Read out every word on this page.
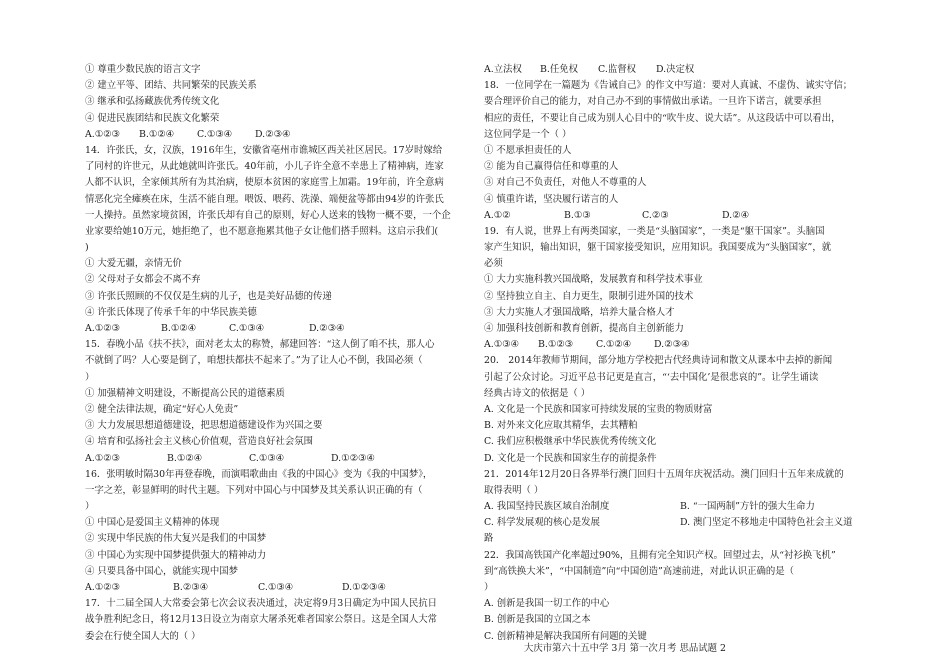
① 尊重少数民族的语言文字
② 建立平等、团结、共同繁荣的民族关系
③ 继承和弘扬藏族优秀传统文化
④ 促进民族团结和民族文化繁荣
A.①②③	B.①②④	C.①③④	D.②③④
14．许张氏，女，汉族，1916年生，安徽省亳州市谯城区西关社区居民。17岁时嫁给
了同村的许世元，从此她就叫许张氏。40年前，小儿子许全意不幸患上了精神病，连家
人都不认识，全家倾其所有为其治病，使原本贫困的家庭雪上加霜。19年前，许全意病
情恶化完全瘫痪在床，生活不能自理。喂饭、喂药、洗澡、端便盆等都由94岁的许张氏
一人操持。虽然家境贫困，许张氏却有自己的原则，好心人送来的钱物一概不要，一个企
业家要给她10万元，她拒绝了，也不愿意拖累其他子女让他们搭手照料。这启示我们(
)
① 大爱无疆，亲情无价
② 父母对子女都会不离不弃
③ 许张氏照顾的不仅仅是生病的儿子，也是美好品德的传递
④ 许张氏体现了传承千年的中华民族美德
A.①②③	B.①②④	C.①③④	D.②③④
15．春晚小品《扶不扶》，面对老太太的称赞，郝建回答：“这人倒了咱不扶，那人心
不就倒了吗？人心要是倒了，咱想扶都扶不起来了。”为了让人心不倒，我国必须（
）
① 加强精神文明建设，不断提高公民的道德素质
② 健全法律法规，确定“好心人免责”
③ 大力发展思想道德建设，把思想道德建设作为兴国之要
④ 培育和弘扬社会主义核心价值观，营造良好社会氛围
A.①②③	B.①②④	C.①③④	D.①②③④
16．张明敏时隔30年再登春晚，而演唱歌曲由《我的中国心》变为《我的中国梦》，
一字之差，彰显鲜明的时代主题。下列对中国心与中国梦及其关系认识正确的有（
）
① 中国心是爱国主义精神的体现
② 实现中华民族的伟大复兴是我们的中国梦
③ 中国心为实现中国梦提供强大的精神动力
④ 只要具备中国心，就能实现中国梦
A.①②③	B.②③④	C.①③④	D.①②③④
17．十二届全国人大常委会第七次会议表决通过，决定将9月3日确定为中国人民抗日
战争胜利纪念日，将12月13日设立为南京大屠杀死难者国家公祭日。这是全国人大常
委会在行使全国人大的（ ）
A.立法权	B.任免权	C.监督权	D.决定权
18．一位同学在一篇题为《告诫自己》的作文中写道：要对人真诚、不虚伪、诚实守信；
要合理评价自己的能力，对自己办不到的事情做出承诺。一旦许下诺言，就要承担
相应的责任，不要让自己成为别人心目中的“吹牛皮、说大话”。从这段话中可以看出，
这位同学是一个（ ）
① 不愿承担责任的人
② 能为自己赢得信任和尊重的人
③ 对自己不负责任，对他人不尊重的人
④ 慎重许诺，坚决履行诺言的人
A.①②	B.①③	C.②③	D.②④
19．有人说，世界上有两类国家，一类是“头脑国家”，一类是“躯干国家”。头脑国
家产生知识，输出知识，躯干国家接受知识，应用知识。我国要成为“头脑国家”，就
必须
① 大力实施科教兴国战略，发展教育和科学技术事业
② 坚持独立自主、自力更生，限制引进外国的技术
③ 大力实施人才强国战略，培养大量合格人才
④ 加强科技创新和教育创新，提高自主创新能力
A.①③④	B.①②③	C.①②④	D.②③④
20． 2014年教师节期间，部分地方学校把古代经典诗词和散文从课本中去掉的新闻
引起了公众讨论。习近平总书记更是直言，“‘去中国化’是很悲哀的”。让学生诵读
经典古诗文的依据是（ ）
A. 文化是一个民族和国家可持续发展的宝贵的物质财富
B. 对外来文化应取其精华，去其糟粕
C. 我们应积极继承中华民族优秀传统文化
D. 文化是一个民族和国家生存的前提条件
21．2014年12月20日各界举行澳门回归十五周年庆祝活动。澳门回归十五年来成就的
取得表明（ ）
A. 我国坚持民族区域自治制度	B. “一国两制”方针的强大生命力
C. 科学发展观的核心是发展	D. 澳门坚定不移地走中国特色社会主义道
路
22．我国高铁国产化率超过90%，且拥有完全知识产权。回望过去，从“衬衫换飞机”
到“高铁换大米”，“中国制造”向“中国创造”高速前进，对此认识正确的是（
）
A. 创新是我国一切工作的中心
B. 创新是我国的立国之本
C. 创新精神是解决我国所有问题的关键
大庆市第六十五中学 3月 第一次月考 思品试题 2
